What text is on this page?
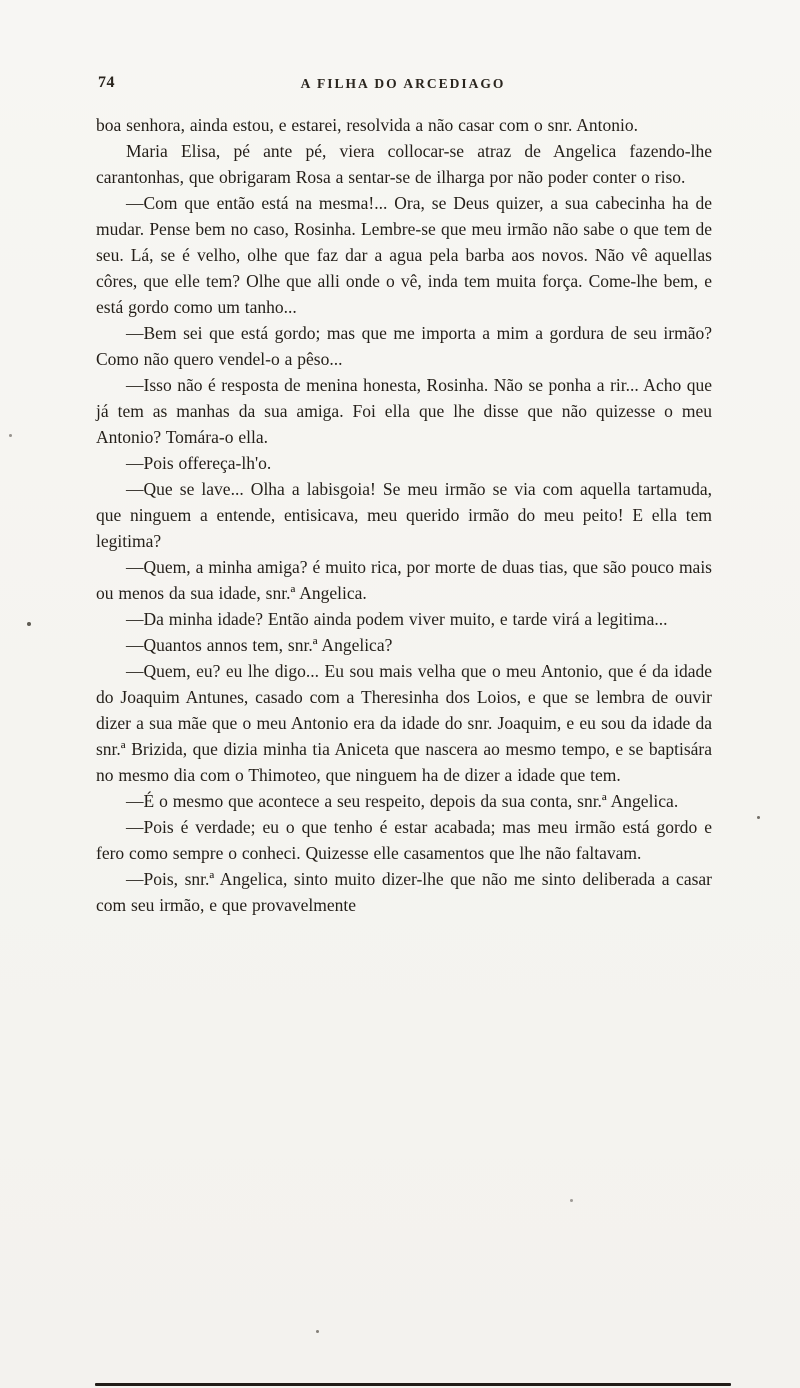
74	A FILHA DO ARCEDIAGO

boa senhora, ainda estou, e estarei, resolvida a não casar com o snr. Antonio.

Maria Elisa, pé ante pé, viera collocar-se atraz de Angelica fazendo-lhe carantonhas, que obrigaram Rosa a sentar-se de ilharga por não poder conter o riso.

—Com que então está na mesma!... Ora, se Deus quizer, a sua cabecinha ha de mudar. Pense bem no caso, Rosinha. Lembre-se que meu irmão não sabe o que tem de seu. Lá, se é velho, olhe que faz dar a agua pela barba aos novos. Não vê aquellas côres, que elle tem? Olhe que alli onde o vê, inda tem muita força. Come-lhe bem, e está gordo como um tanho...

—Bem sei que está gordo; mas que me importa a mim a gordura de seu irmão? Como não quero vendel-o a pêso...

—Isso não é resposta de menina honesta, Rosinha. Não se ponha a rir... Acho que já tem as manhas da sua amiga. Foi ella que lhe disse que não quizesse o meu Antonio? Tomára-o ella.

—Pois offereça-lh'o.

—Que se lave... Olha a labisgoia! Se meu irmão se via com aquella tartamuda, que ninguem a entende, entisicava, meu querido irmão do meu peito! E ella tem legitima?

—Quem, a minha amiga? é muito rica, por morte de duas tias, que são pouco mais ou menos da sua idade, snr.ª Angelica.

—Da minha idade? Então ainda podem viver muito, e tarde virá a legitima...

—Quantos annos tem, snr.ª Angelica?

—Quem, eu? eu lhe digo... Eu sou mais velha que o meu Antonio, que é da idade do Joaquim Antunes, casado com a Theresinha dos Loios, e que se lembra de ouvir dizer a sua mãe que o meu Antonio era da idade do snr. Joaquim, e eu sou da idade da snr.ª Brizida, que dizia minha tia Aniceta que nascera ao mesmo tempo, e se baptisára no mesmo dia com o Thimoteo, que ninguem ha de dizer a idade que tem.

—É o mesmo que acontece a seu respeito, depois da sua conta, snr.ª Angelica.

—Pois é verdade; eu o que tenho é estar acabada; mas meu irmão está gordo e fero como sempre o conheci. Quizesse elle casamentos que lhe não faltavam.

—Pois, snr.ª Angelica, sinto muito dizer-lhe que não me sinto deliberada a casar com seu irmão, e que provavelmente
